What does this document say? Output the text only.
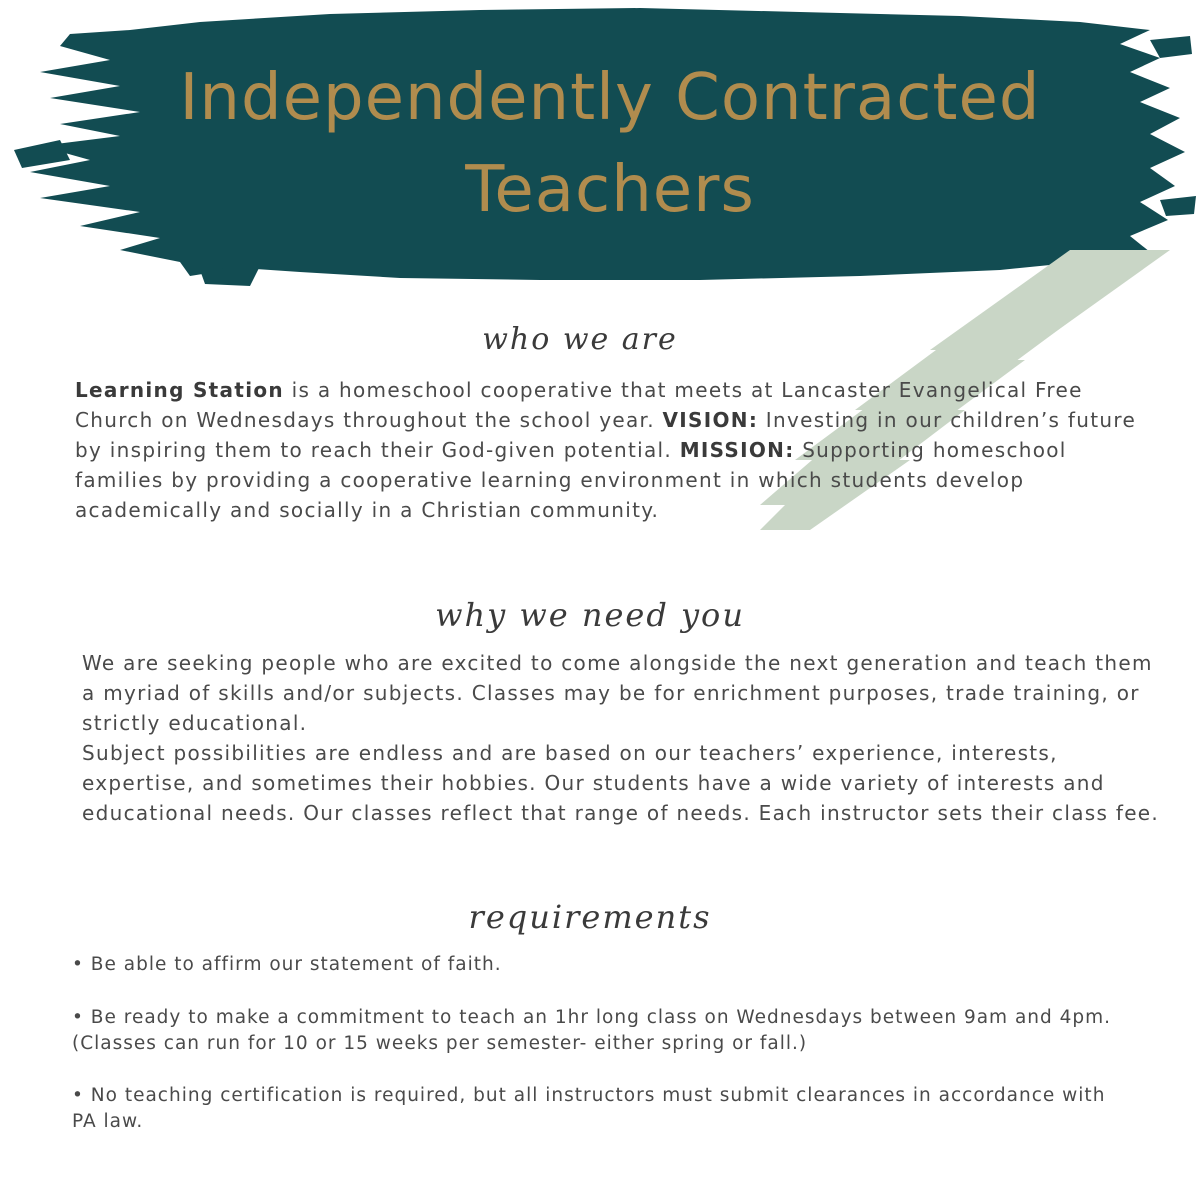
Independently Contracted Teachers
who we are

Learning Station is a homeschool cooperative that meets at Lancaster Evangelical Free Church on Wednesdays throughout the school year. VISION: Investing in our children’s future by inspiring them to reach their God-given potential. MISSION: Supporting homeschool families by providing a cooperative learning environment in which students develop academically and socially in a Christian community.

why we need you

We are seeking people who are excited to come alongside the next generation and teach them a myriad of skills and/or subjects. Classes may be for enrichment purposes, trade training, or strictly educational.
Subject possibilities are endless and are based on our teachers’ experience, interests, expertise, and sometimes their hobbies. Our students have a wide variety of interests and educational needs. Our classes reflect that range of needs. Each instructor sets their class fee.

requirements

• Be able to affirm our statement of faith.

• Be ready to make a commitment to teach an 1hr long class on Wednesdays between 9am and 4pm. (Classes can run for 10 or 15 weeks per semester- either spring or fall.)

• No teaching certification is required, but all instructors must submit clearances in accordance with PA law.
